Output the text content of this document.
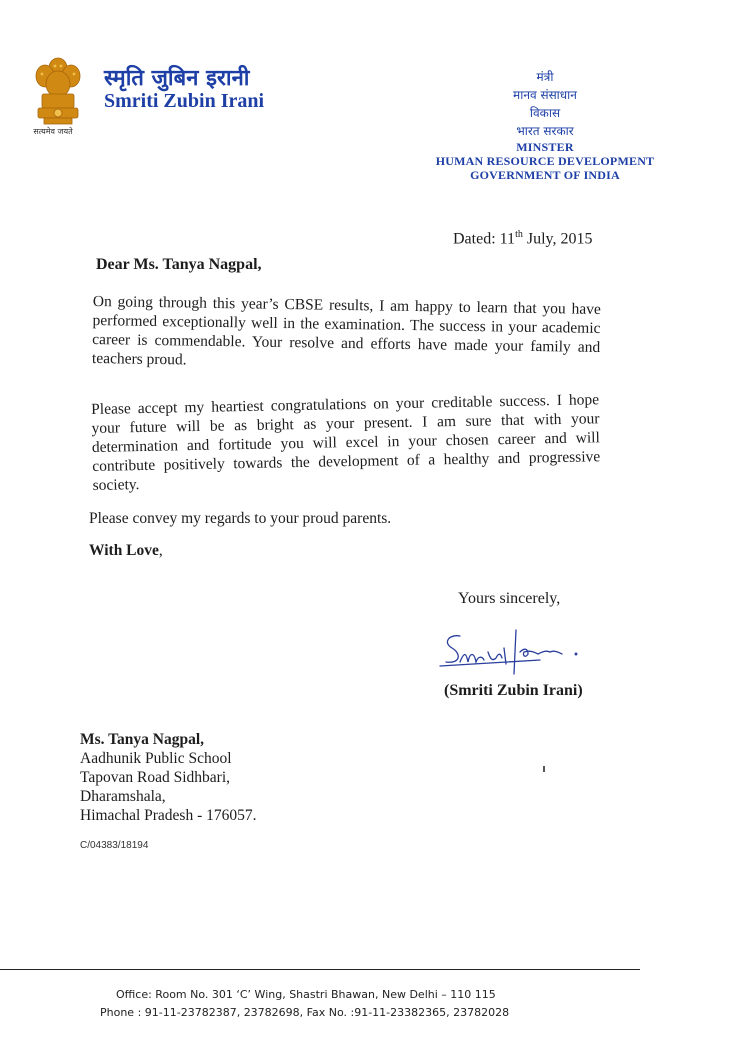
सत्यमेव जयते
स्मृति जुबिन इरानी
Smriti Zubin Irani
मंत्री
मानव संसाधान
विकास
भारत सरकार
MINSTER
HUMAN RESOURCE DEVELOPMENT
GOVERNMENT OF INDIA
Dated: 11th July, 2015
Dear Ms. Tanya Nagpal,
On going through this year’s CBSE results, I am happy to learn that you have performed exceptionally well in the examination. The success in your academic career is commendable. Your resolve and efforts have made your family and teachers proud.
Please accept my heartiest congratulations on your creditable success. I hope your future will be as bright as your present. I am sure that with your determination and fortitude you will excel in your chosen career and will contribute positively towards the development of a healthy and progressive society.
Please convey my regards to your proud parents.
With Love,
Yours sincerely,
(Smriti Zubin Irani)
Ms. Tanya Nagpal,
Aadhunik Public School
Tapovan Road Sidhbari,
Dharamshala,
Himachal Pradesh - 176057.
C/04383/18194
Office: Room No. 301 ‘C’ Wing, Shastri Bhawan, New Delhi – 110 115
Phone : 91-11-23782387, 23782698, Fax No. :91-11-23382365, 23782028
